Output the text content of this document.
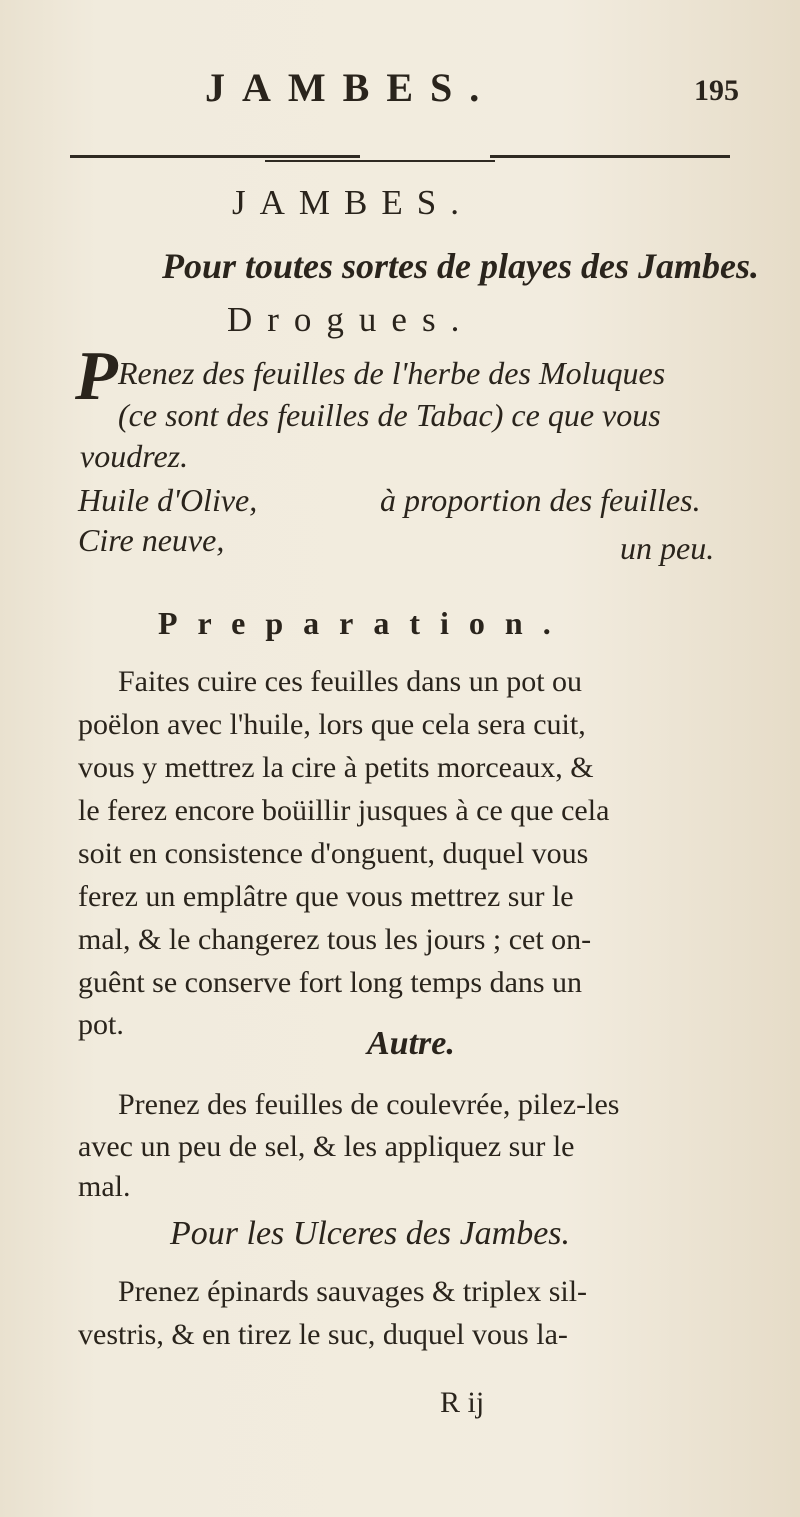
JAMBES.	195
JAMBES.
Pour toutes sortes de playes des Jambes.
Drogues.
P Renez des feuilles de l'herbe des Moluques
(ce sont des feuilles de Tabac) ce que vous
voudrez.
Huile d'Olive,	à proportion des feuilles.
Cire neuve,	un peu.
Preparation.
Faites cuire ces feuilles dans un pot ou
poëlon avec l'huile, lors que cela sera cuit,
vous y mettrez la cire à petits morceaux, &
le ferez encore boüillir jusques à ce que cela
soit en consistence d'onguent, duquel vous
ferez un emplâtre que vous mettrez sur le
mal, & le changerez tous les jours ; cet on-
guênt se conserve fort long temps dans un
pot.
Autre.
Prenez des feuilles de coulevrée, pilez-les
avec un peu de sel, & les appliquez sur le
mal.
Pour les Ulceres des Jambes.
Prenez épinards sauvages & triplex sil-
vestris, & en tirez le suc, duquel vous la-
R ij
